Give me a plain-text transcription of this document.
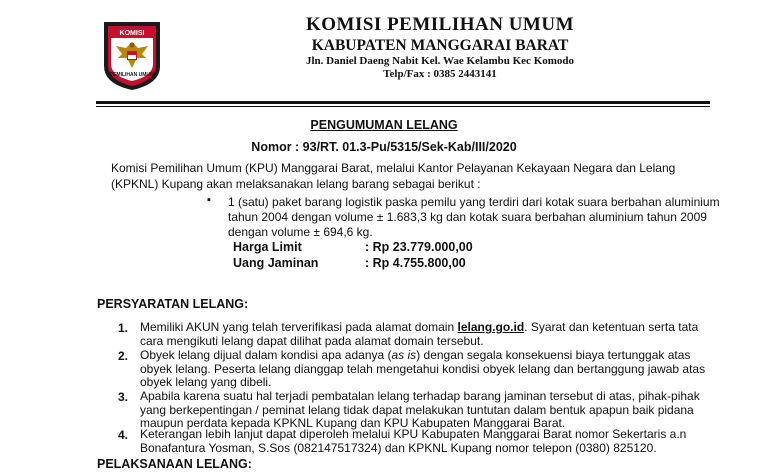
KOMISI
PEMILIHAN UMUM
KOMISI PEMILIHAN UMUM
KABUPATEN MANGGARAI BARAT
Jln. Daniel Daeng Nabit Kel. Wae Kelambu Kec Komodo
Telp/Fax : 0385 2443141
PENGUMUMAN LELANG
Nomor : 93/RT. 01.3-Pu/5315/Sek-Kab/III/2020
Komisi Pemilihan Umum (KPU) Manggarai Barat, melalui Kantor Pelayanan Kekayaan Negara dan Lelang (KPKNL) Kupang akan melaksanakan lelang barang sebagai berikut :
▪ 1 (satu) paket barang logistik paska pemilu yang terdiri dari kotak suara berbahan aluminium tahun 2004 dengan volume ± 1.683,3 kg dan kotak suara berbahan aluminium tahun 2009 dengan volume ± 694,6 kg.
Harga Limit	: Rp 23.779.000,00
Uang Jaminan	: Rp 4.755.800,00
PERSYARATAN LELANG:
1. Memiliki AKUN yang telah terverifikasi pada alamat domain lelang.go.id. Syarat dan ketentuan serta tata cara mengikuti lelang dapat dilihat pada alamat domain tersebut.
2. Obyek lelang dijual dalam kondisi apa adanya (as is) dengan segala konsekuensi biaya tertunggak atas obyek lelang. Peserta lelang dianggap telah mengetahui kondisi obyek lelang dan bertanggung jawab atas obyek lelang yang dibeli.
3. Apabila karena suatu hal terjadi pembatalan lelang terhadap barang jaminan tersebut di atas, pihak-pihak yang berkepentingan / peminat lelang tidak dapat melakukan tuntutan dalam bentuk apapun baik pidana maupun perdata kepada KPKNL Kupang dan KPU Kabupaten Manggarai Barat.
4. Keterangan lebih lanjut dapat diperoleh melalui KPU Kabupaten Manggarai Barat nomor Sekertaris a.n Bonafantura Yosman, S.Sos (082147517324) dan KPKNL Kupang nomor telepon (0380) 825120.
PELAKSANAAN LELANG:
